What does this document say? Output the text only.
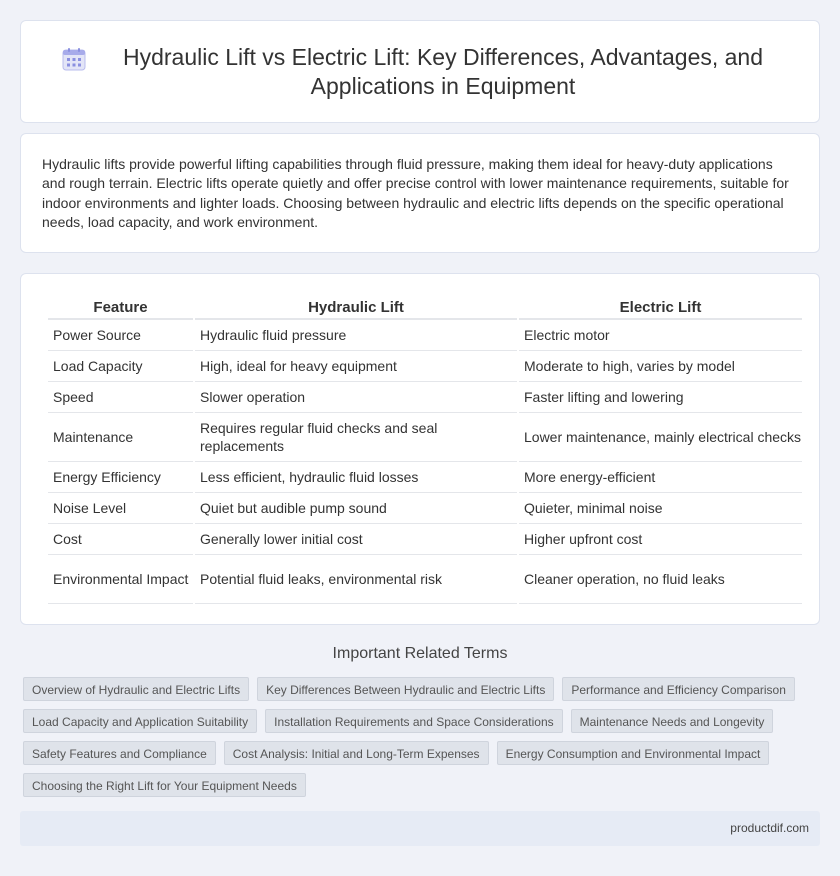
Hydraulic Lift vs Electric Lift: Key Differences, Advantages, and Applications in Equipment

Hydraulic lifts provide powerful lifting capabilities through fluid pressure, making them ideal for heavy-duty applications and rough terrain. Electric lifts operate quietly and offer precise control with lower maintenance requirements, suitable for indoor environments and lighter loads. Choosing between hydraulic and electric lifts depends on the specific operational needs, load capacity, and work environment.

Feature	Hydraulic Lift	Electric Lift
Power Source	Hydraulic fluid pressure	Electric motor
Load Capacity	High, ideal for heavy equipment	Moderate to high, varies by model
Speed	Slower operation	Faster lifting and lowering
Maintenance	Requires regular fluid checks and seal replacements	Lower maintenance, mainly electrical checks
Energy Efficiency	Less efficient, hydraulic fluid losses	More energy-efficient
Noise Level	Quiet but audible pump sound	Quieter, minimal noise
Cost	Generally lower initial cost	Higher upfront cost
Environmental Impact	Potential fluid leaks, environmental risk	Cleaner operation, no fluid leaks
Important Related Terms
Overview of Hydraulic and Electric Lifts	Key Differences Between Hydraulic and Electric Lifts	Performance and Efficiency Comparison
Load Capacity and Application Suitability	Installation Requirements and Space Considerations	Maintenance Needs and Longevity
Safety Features and Compliance	Cost Analysis: Initial and Long-Term Expenses	Energy Consumption and Environmental Impact
Choosing the Right Lift for Your Equipment Needs
productdif.com
